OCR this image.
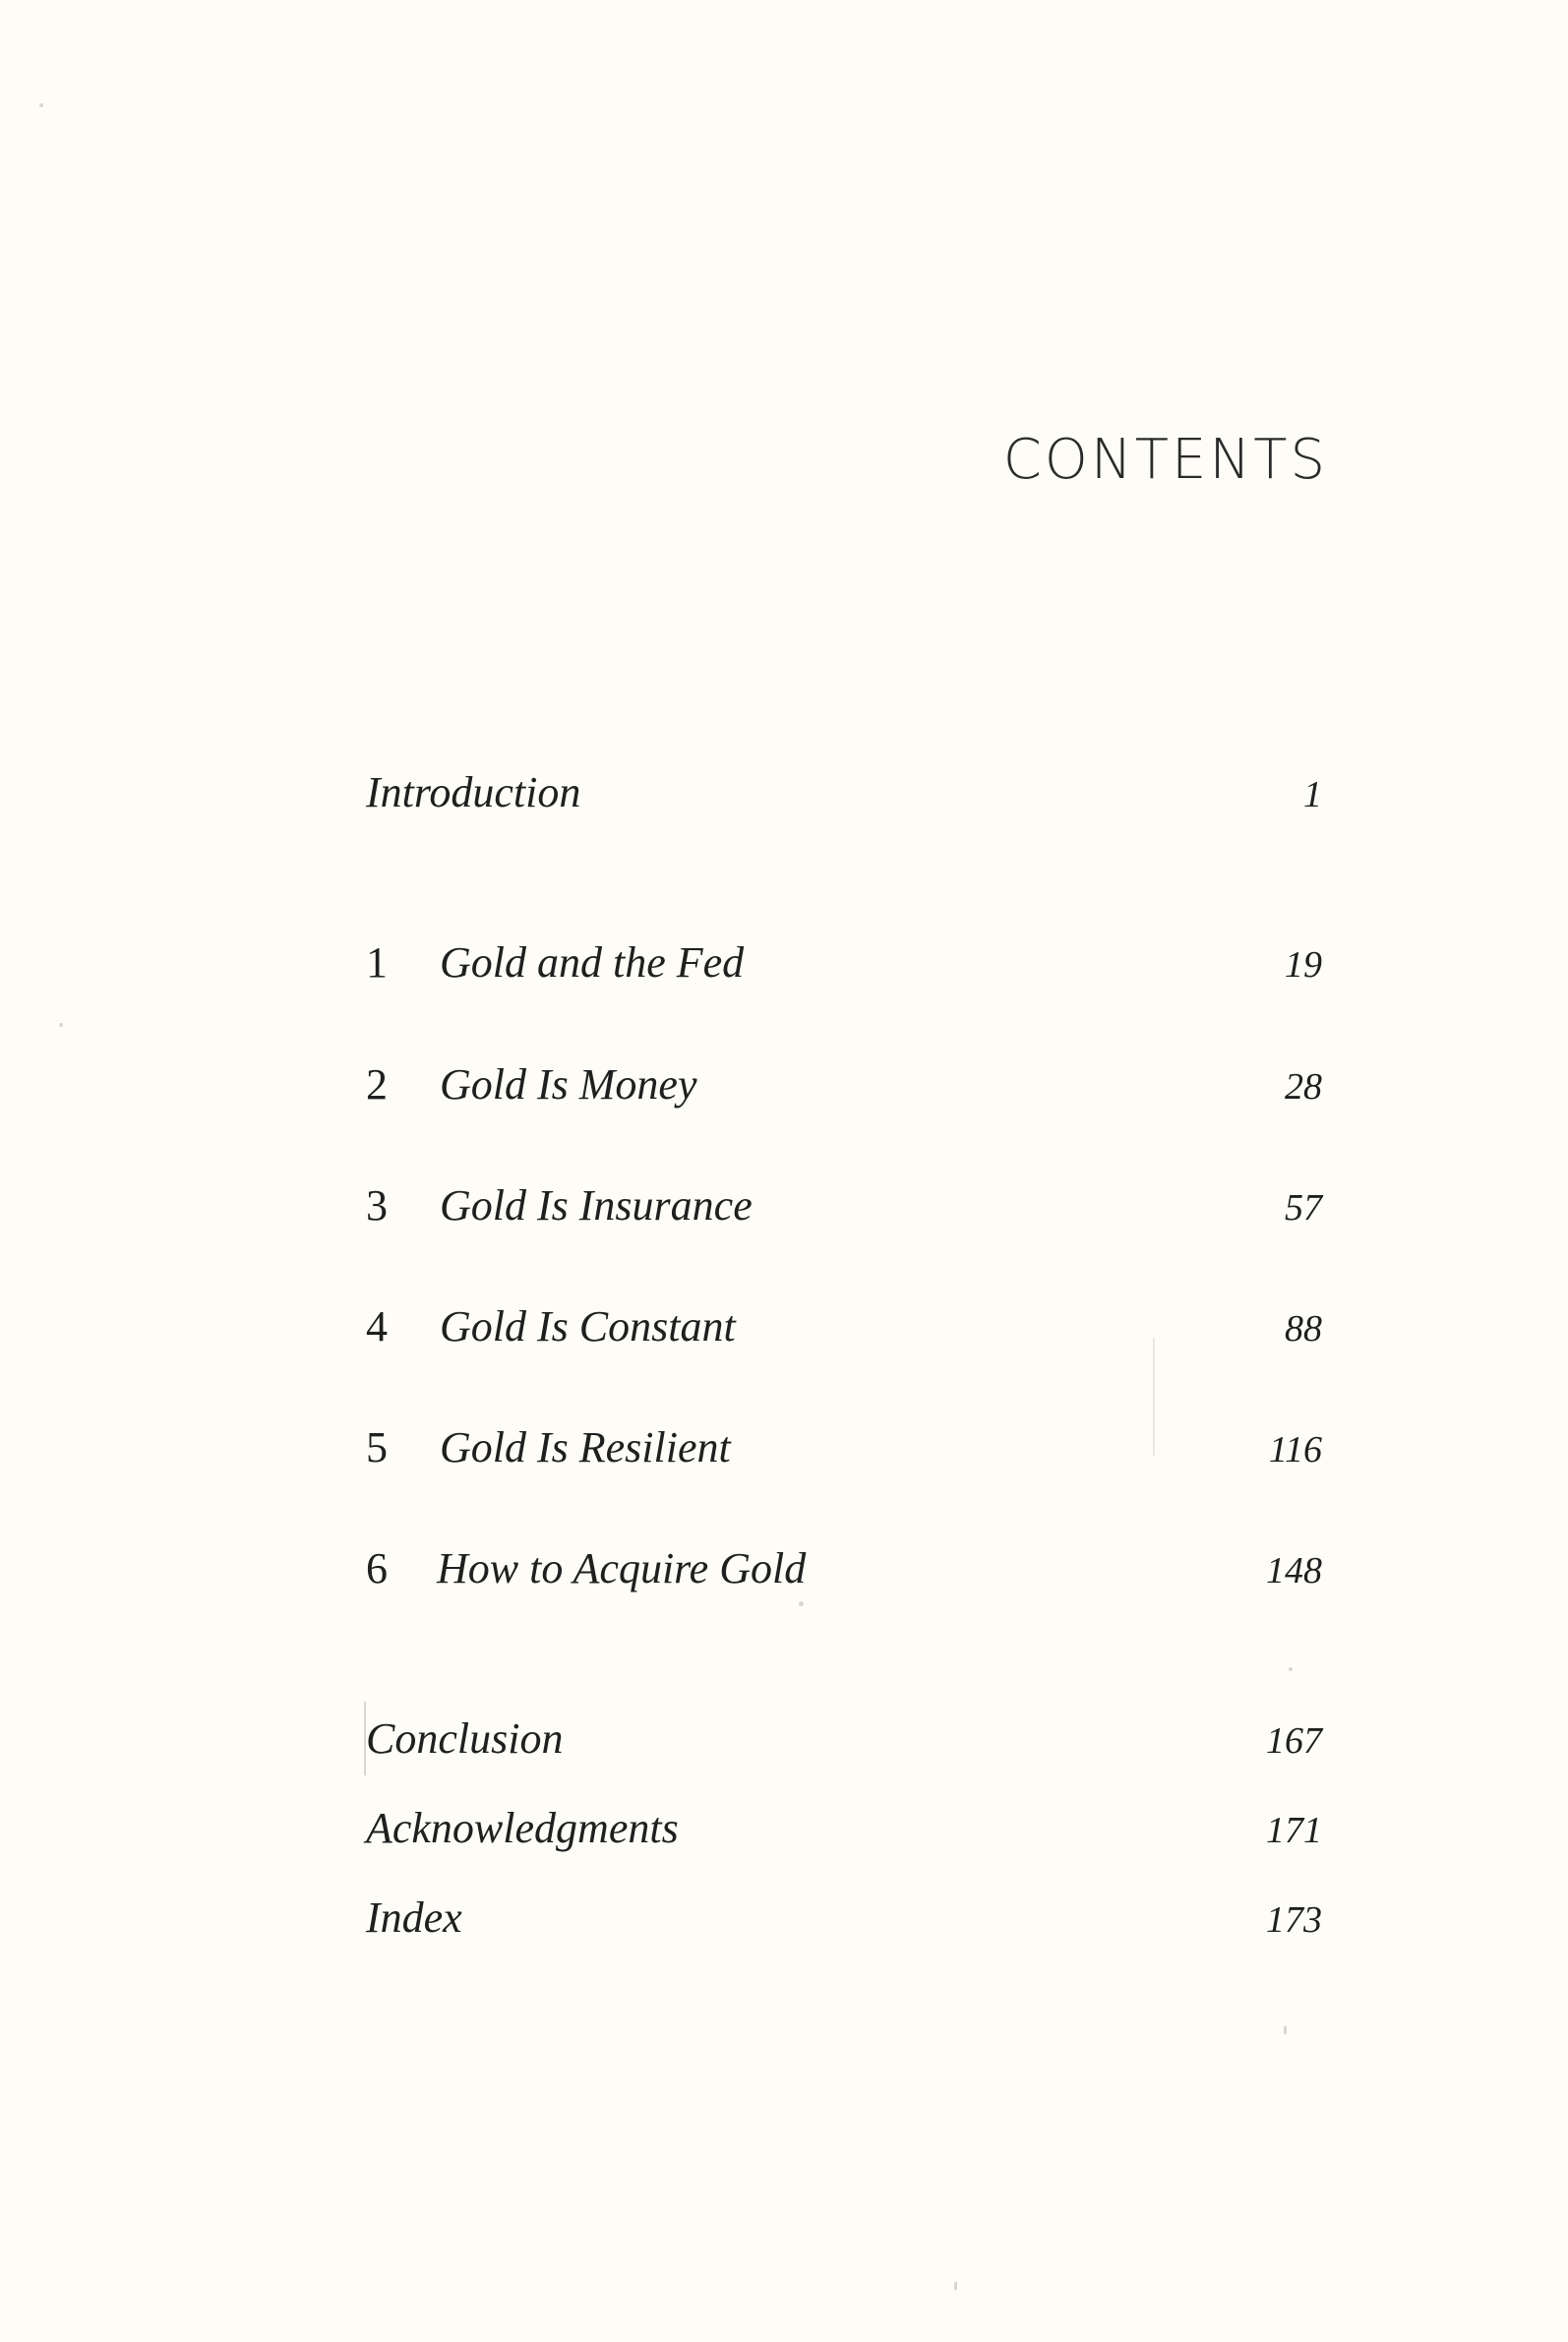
CONTENTS
Introduction	1
1 Gold and the Fed	19
2 Gold Is Money	28
3 Gold Is Insurance	57
4 Gold Is Constant	88
5 Gold Is Resilient	116
6 How to Acquire Gold	148
Conclusion	167
Acknowledgments	171
Index	173
